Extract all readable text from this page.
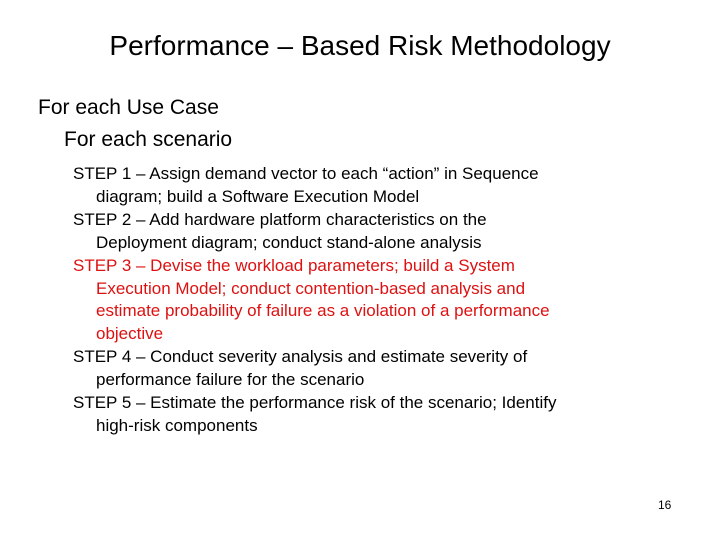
Performance – Based Risk Methodology
For each Use Case
For each scenario
STEP 1 – Assign demand vector to each “action” in Sequence
diagram; build a Software Execution Model
STEP 2 – Add hardware platform characteristics on the
Deployment diagram; conduct stand-alone analysis
STEP 3 – Devise the workload parameters; build a System
Execution Model; conduct contention-based analysis and
estimate probability of failure as a violation of a performance
objective
STEP 4 – Conduct severity analysis and estimate severity of
performance failure for the scenario
STEP 5 – Estimate the performance risk of the scenario; Identify
high-risk components
16
